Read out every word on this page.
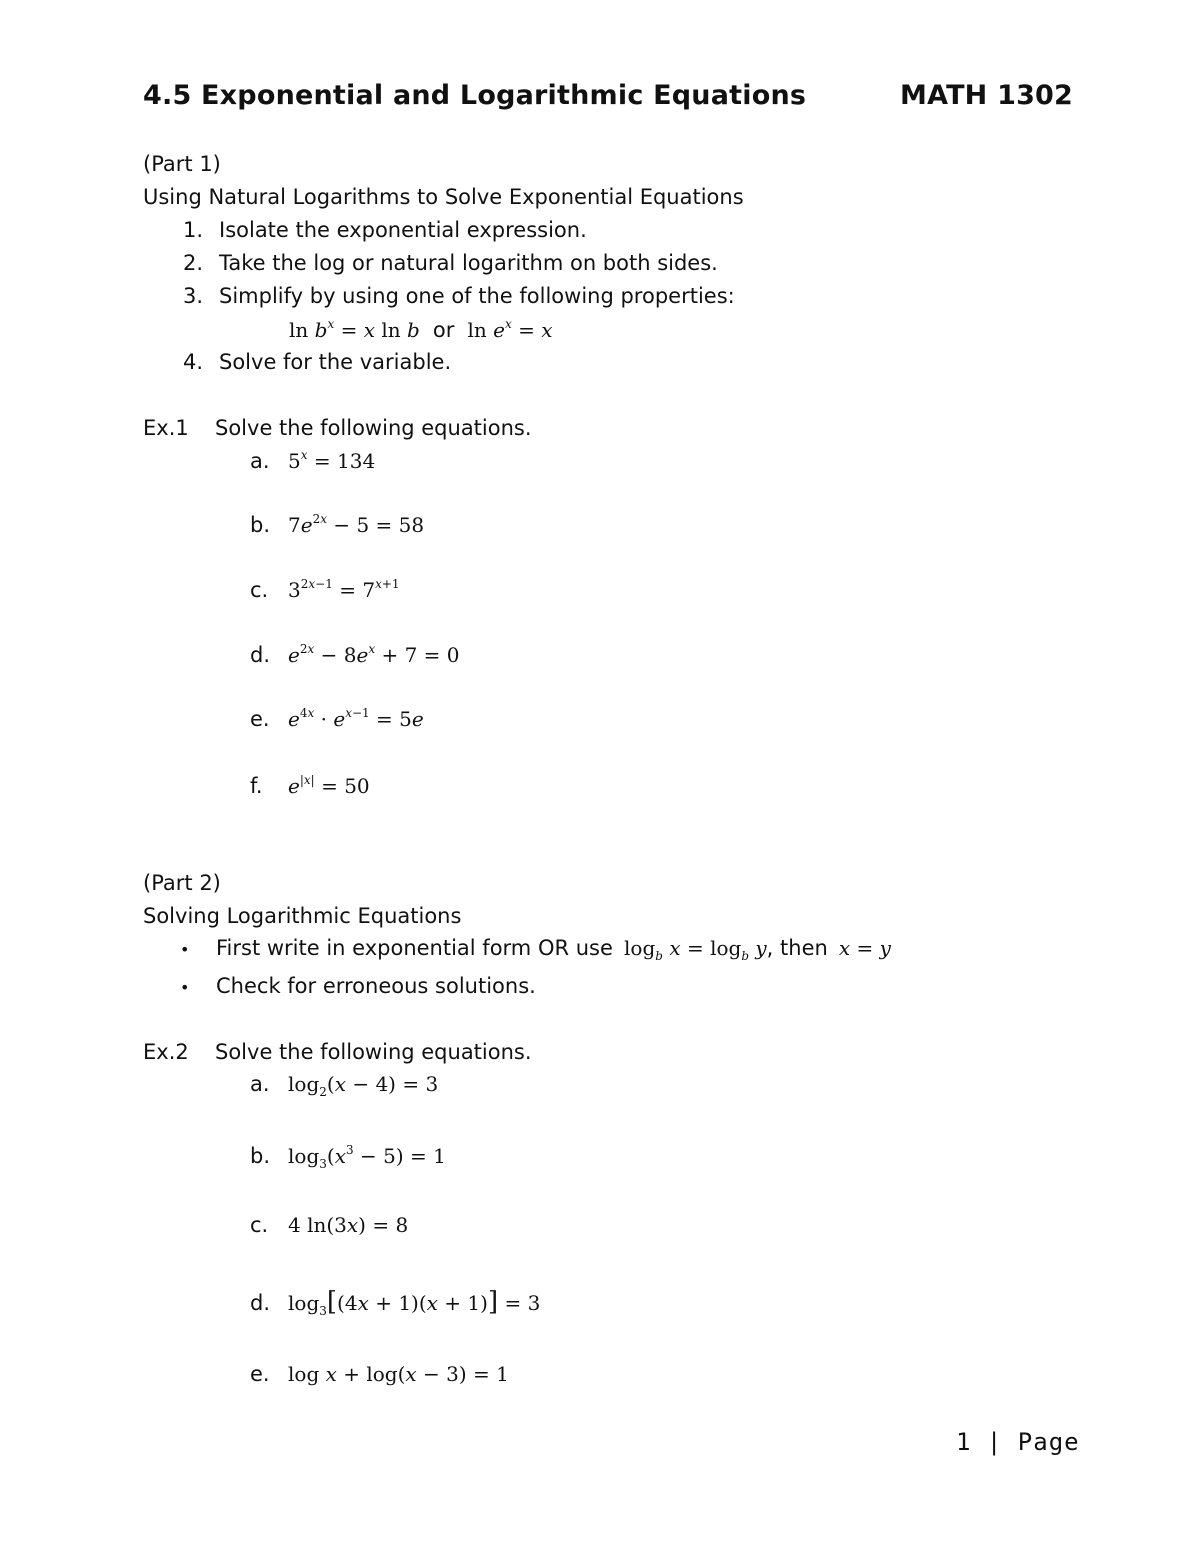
4.5 Exponential and Logarithmic Equations	MATH 1302
(Part 1)
Using Natural Logarithms to Solve Exponential Equations
1. Isolate the exponential expression.
2. Take the log or natural logarithm on both sides.
3. Simplify by using one of the following properties:
$\ln b^x = x$ ln b or $\ln e^x = x$
4. Solve for the variable.
Ex.1 Solve the following equations.
a. $5^x = 134$
b. $7e^{2x} - 5 = 58$
c. $3^{2x-1} = 7^{x+1}$
d. $e^{2x} - 8e^x + 7 = 0$
e. $e^{4x} \cdot e^{x-1} = 5e$
f. $e^{|x|} = 50$
(Part 2)
Solving Logarithmic Equations
• First write in exponential form OR use $\log_b x = \log_b y$, then x = y
• Check for erroneous solutions.
Ex.2 Solve the following equations.
a. $\log_2(x - 4) = 3$
b. $\log_3(x^3 - 5) = 1$
c. 4 ln(3x) = 8
d. $\log_3[(4x + 1)(x + 1)] = 3$
e. log x + log(x − 3) = 1
1 | Page
